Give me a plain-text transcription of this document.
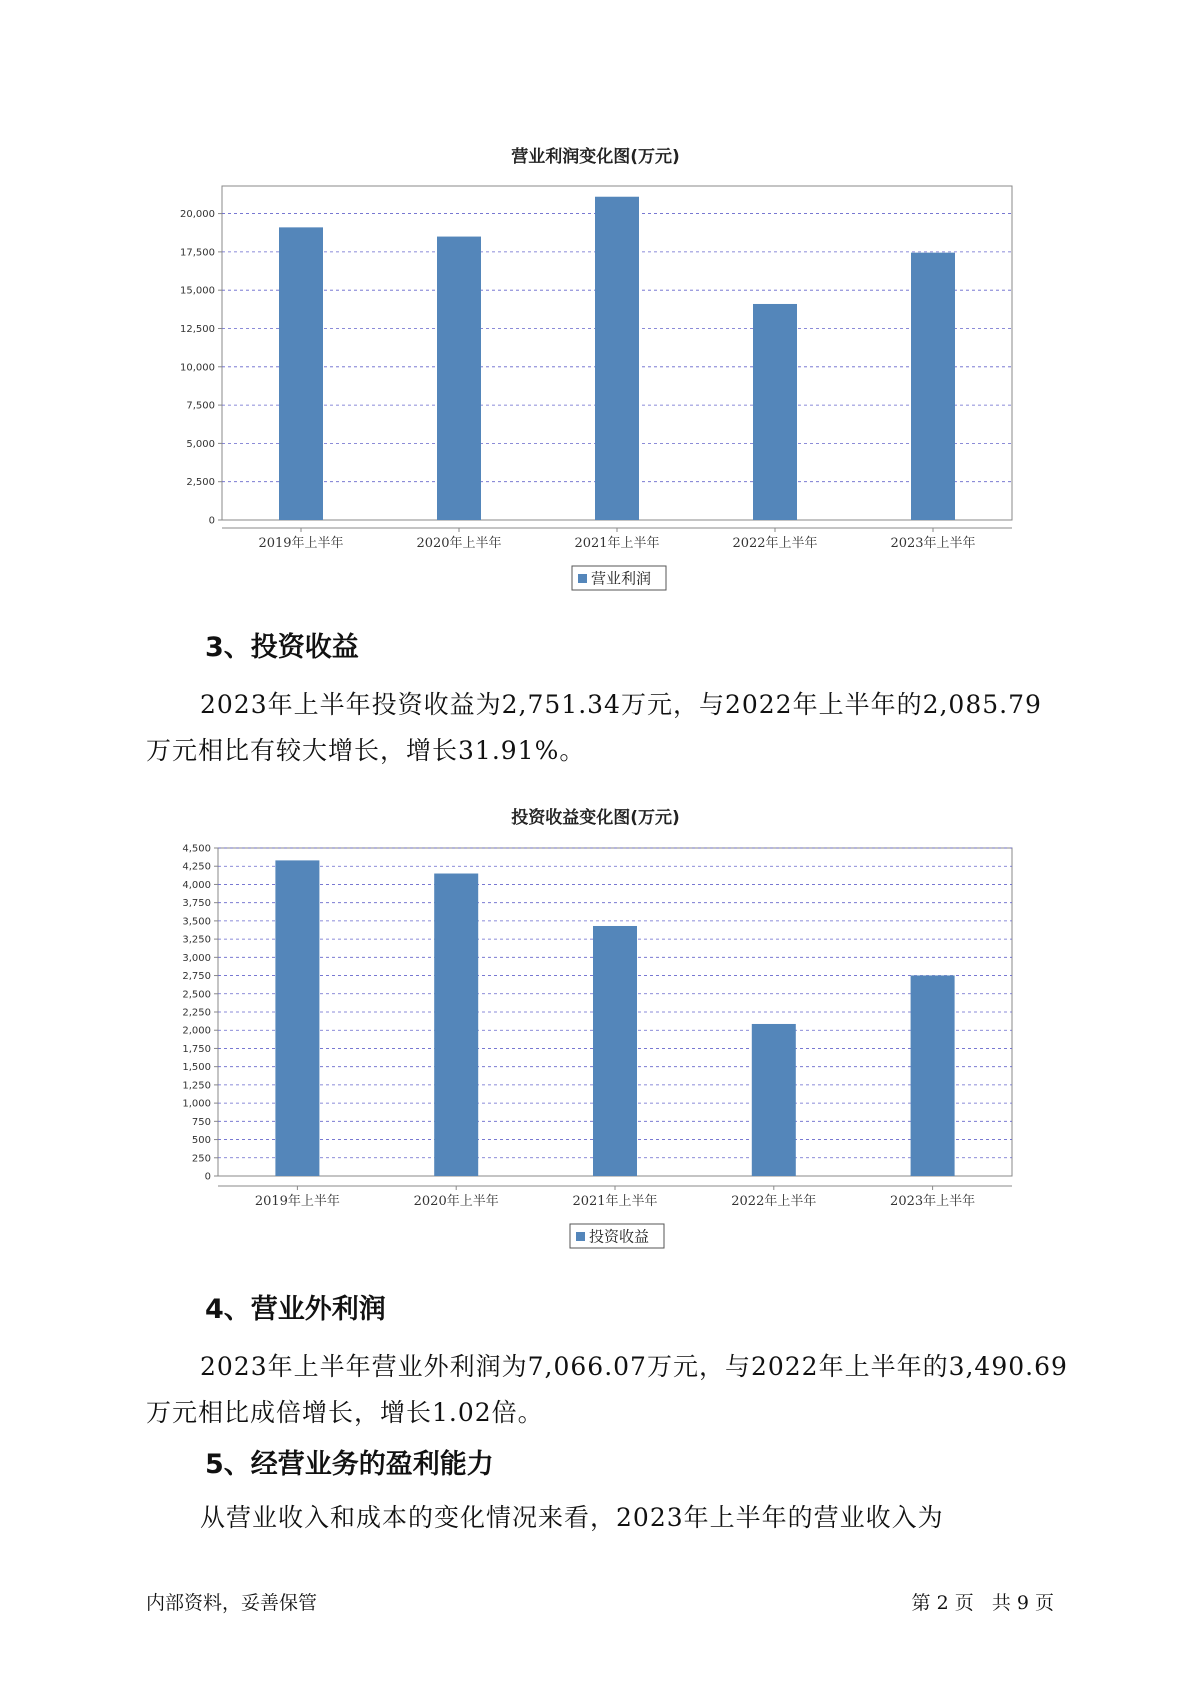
营业利润变化图(万元)
0
2,500
5,000
7,500
10,000
12,500
15,000
17,500
20,000
2019年上半年	2020年上半年	2021年上半年	2022年上半年	2023年上半年
营业利润
3、投资收益
2023年上半年投资收益为2,751.34万元，与2022年上半年的2,085.79
万元相比有较大增长，增长31.91%。
投资收益变化图(万元)
0
250
500
750
1,000
1,250
1,500
1,750
2,000
2,250
2,500
2,750
3,000
3,250
3,500
3,750
4,000
4,250
4,500
2019年上半年	2020年上半年	2021年上半年	2022年上半年	2023年上半年
投资收益
4、营业外利润
2023年上半年营业外利润为7,066.07万元，与2022年上半年的3,490.69
万元相比成倍增长，增长1.02倍。
5、经营业务的盈利能力
从营业收入和成本的变化情况来看，2023年上半年的营业收入为
内部资料，妥善保管	第 2 页   共 9 页
